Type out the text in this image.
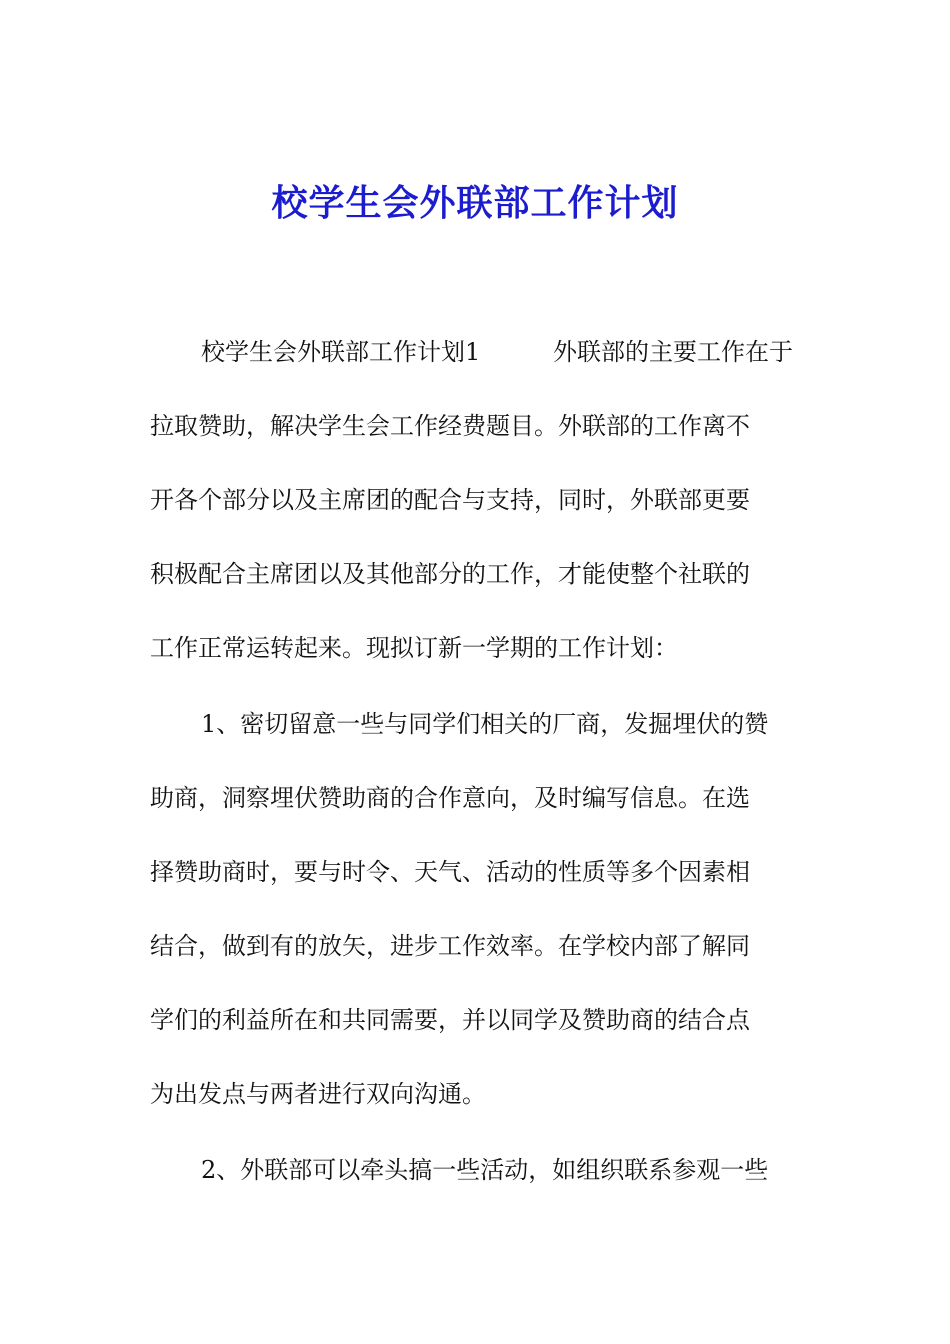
校学生会外联部工作计划
校学生会外联部工作计划1	外联部的主要工作在于
拉取赞助，解决学生会工作经费题目。外联部的工作离不
开各个部分以及主席团的配合与支持，同时，外联部更要
积极配合主席团以及其他部分的工作，才能使整个社联的
工作正常运转起来。现拟订新一学期的工作计划：
1、密切留意一些与同学们相关的厂商，发掘埋伏的赞
助商，洞察埋伏赞助商的合作意向，及时编写信息。在选
择赞助商时，要与时令、天气、活动的性质等多个因素相
结合，做到有的放矢，进步工作效率。在学校内部了解同
学们的利益所在和共同需要，并以同学及赞助商的结合点
为出发点与两者进行双向沟通。
2、外联部可以牵头搞一些活动，如组织联系参观一些
